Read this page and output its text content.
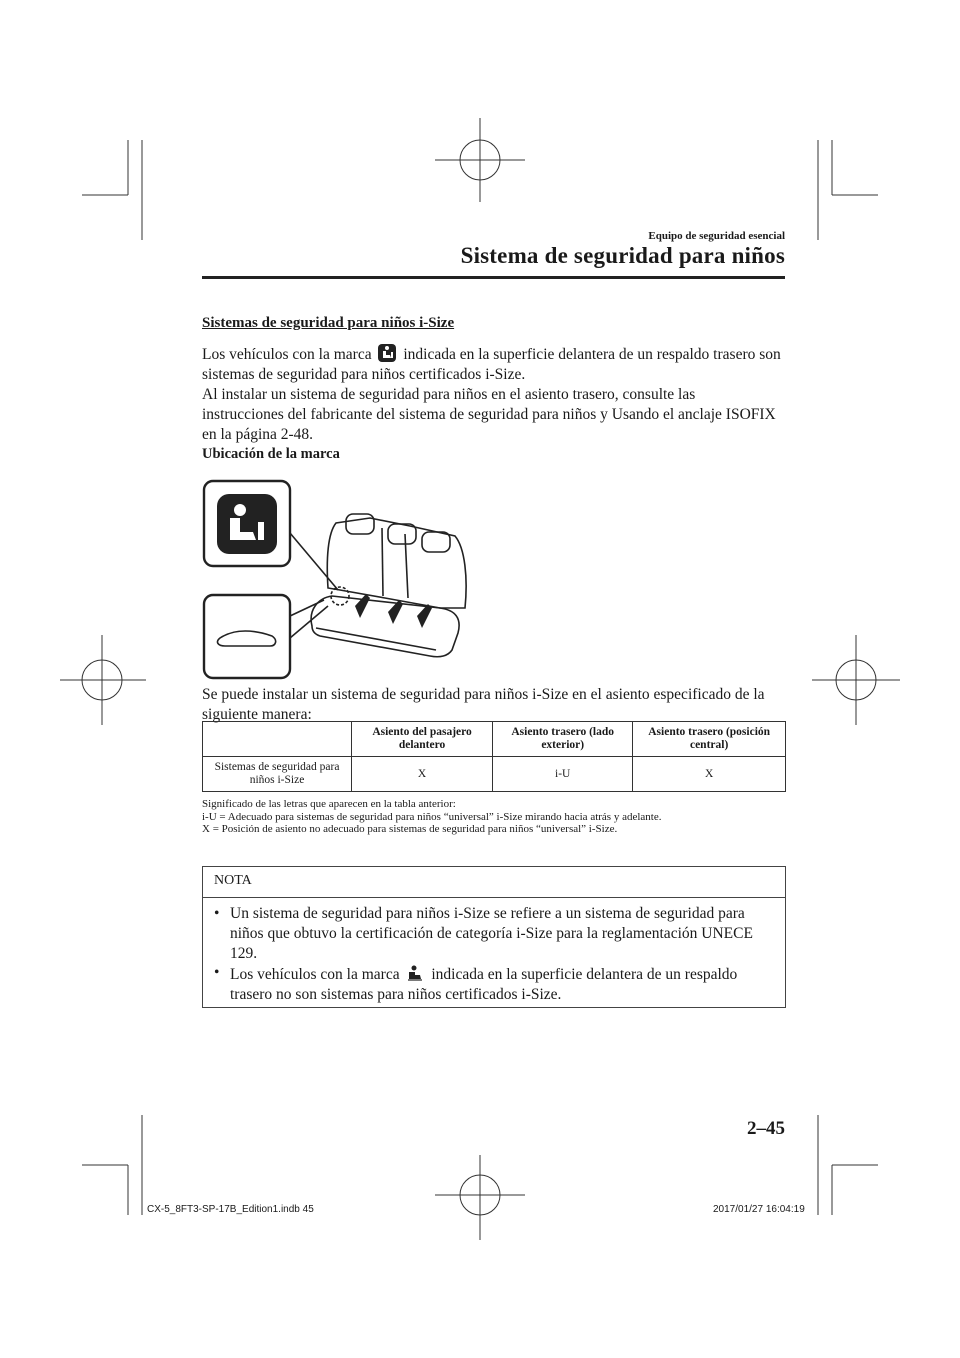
Equipo de seguridad esencial
Sistema de seguridad para niños
Sistemas de seguridad para niños i-Size
Los vehículos con la marca indicada en la superficie delantera de un respaldo trasero son
sistemas de seguridad para niños certificados i-Size.
Al instalar un sistema de seguridad para niños en el asiento trasero, consulte las
instrucciones del fabricante del sistema de seguridad para niños y Usando el anclaje ISOFIX
en la página 2-48.
Ubicación de la marca
Se puede instalar un sistema de seguridad para niños i-Size en el asiento especificado de la
siguiente manera:
	Asiento del pasajero delantero	Asiento trasero (lado exterior)	Asiento trasero (posición central)
Sistemas de seguridad para niños i-Size	X	i-U	X
Significado de las letras que aparecen en la tabla anterior:
i-U = Adecuado para sistemas de seguridad para niños “universal” i-Size mirando hacia atrás y adelante.
X = Posición de asiento no adecuado para sistemas de seguridad para niños “universal” i-Size.
NOTA
• Un sistema de seguridad para niños i-Size se refiere a un sistema de seguridad para
niños que obtuvo la certificación de categoría i-Size para la reglamentación UNECE
129.
• Los vehículos con la marca indicada en la superficie delantera de un respaldo
trasero no son sistemas para niños certificados i-Size.
2–45
CX-5_8FT3-SP-17B_Edition1.indb 45	2017/01/27 16:04:19
